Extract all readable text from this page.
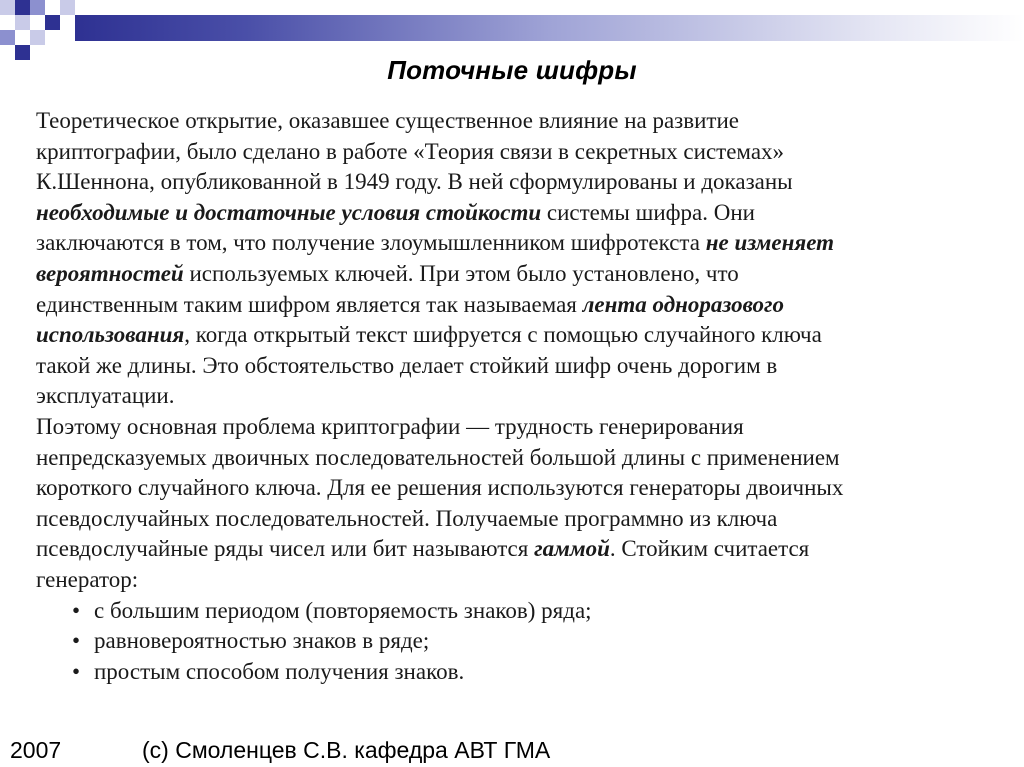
Поточные шифры
Теоретическое открытие, оказавшее существенное влияние на развитие
криптографии, было сделано в работе «Теория связи в секретных системах»
К.Шеннона, опубликованной в 1949 году. В ней сформулированы и доказаны
необходимые и достаточные условия стойкости системы шифра. Они
заключаются в том, что получение злоумышленником шифротекста не изменяет
вероятностей используемых ключей. При этом было установлено, что
единственным таким шифром является так называемая лента одноразового
использования, когда открытый текст шифруется с помощью случайного ключа
такой же длины. Это обстоятельство делает стойкий шифр очень дорогим в
эксплуатации.
Поэтому основная проблема криптографии — трудность генерирования
непредсказуемых двоичных последовательностей большой длины с применением
короткого случайного ключа. Для ее решения используются генераторы двоичных
псевдослучайных последовательностей. Получаемые программно из ключа
псевдослучайные ряды чисел или бит называются гаммой. Стойким считается
генератор:
• с большим периодом (повторяемость знаков) ряда;
• равновероятностью знаков в ряде;
• простым способом получения знаков.
2007	(с) Смоленцев С.В. кафедра АВТ ГМА
